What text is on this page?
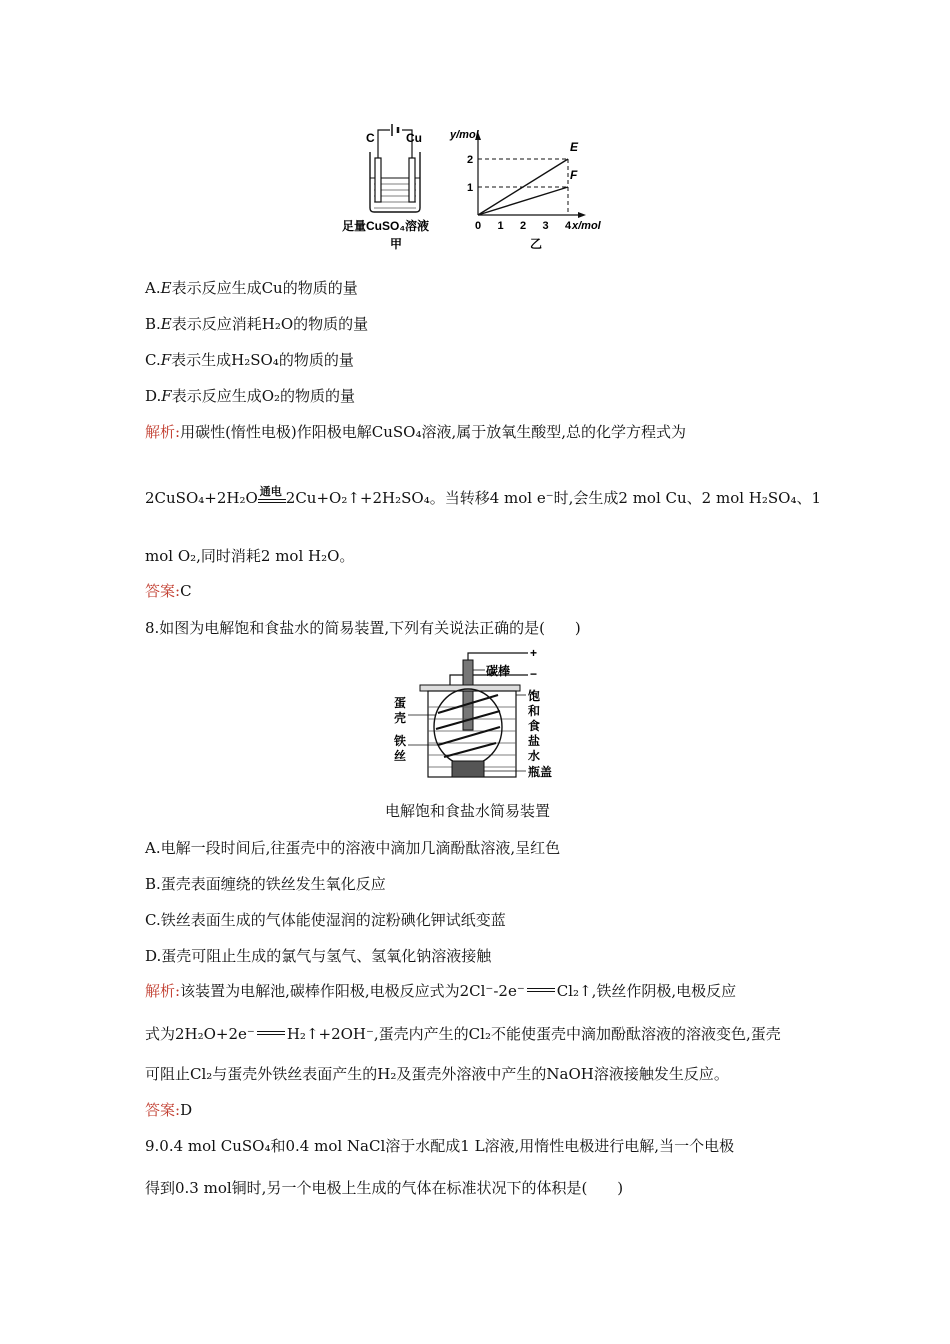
C	Cu
足量CuSO₄溶液
甲
y/mol
x/mol
乙
0 1 2 3 4
1
2
E
F
A.E表示反应生成Cu的物质的量
B.E表示反应消耗H₂O的物质的量
C.F表示生成H₂SO₄的物质的量
D.F表示反应生成O₂的物质的量
解析:用碳性(惰性电极)作阳极电解CuSO₄溶液,属于放氧生酸型,总的化学方程式为
2CuSO₄+2H₂O 通电 2Cu+O₂↑+2H₂SO₄。当转移4 mol e⁻时,会生成2 mol Cu、2 mol H₂SO₄、1
mol O₂,同时消耗2 mol H₂O。
答案:C
8.如图为电解饱和食盐水的简易装置,下列有关说法正确的是(　　)
+
−
碳棒
蛋
壳
铁
丝
饱
和
食
盐
水
瓶盖
电解饱和食盐水简易装置
A.电解一段时间后,往蛋壳中的溶液中滴加几滴酚酞溶液,呈红色
B.蛋壳表面缠绕的铁丝发生氧化反应
C.铁丝表面生成的气体能使湿润的淀粉碘化钾试纸变蓝
D.蛋壳可阻止生成的氯气与氢气、氢氧化钠溶液接触
解析:该装置为电解池,碳棒作阳极,电极反应式为2Cl⁻-2e⁻ Cl₂↑,铁丝作阴极,电极反应
式为2H₂O+2e⁻ H₂↑+2OH⁻,蛋壳内产生的Cl₂不能使蛋壳中滴加酚酞溶液的溶液变色,蛋壳
可阻止Cl₂与蛋壳外铁丝表面产生的H₂及蛋壳外溶液中产生的NaOH溶液接触发生反应。
答案:D
9.0.4 mol CuSO₄和0.4 mol NaCl溶于水配成1 L溶液,用惰性电极进行电解,当一个电极
得到0.3 mol铜时,另一个电极上生成的气体在标准状况下的体积是(　　)
